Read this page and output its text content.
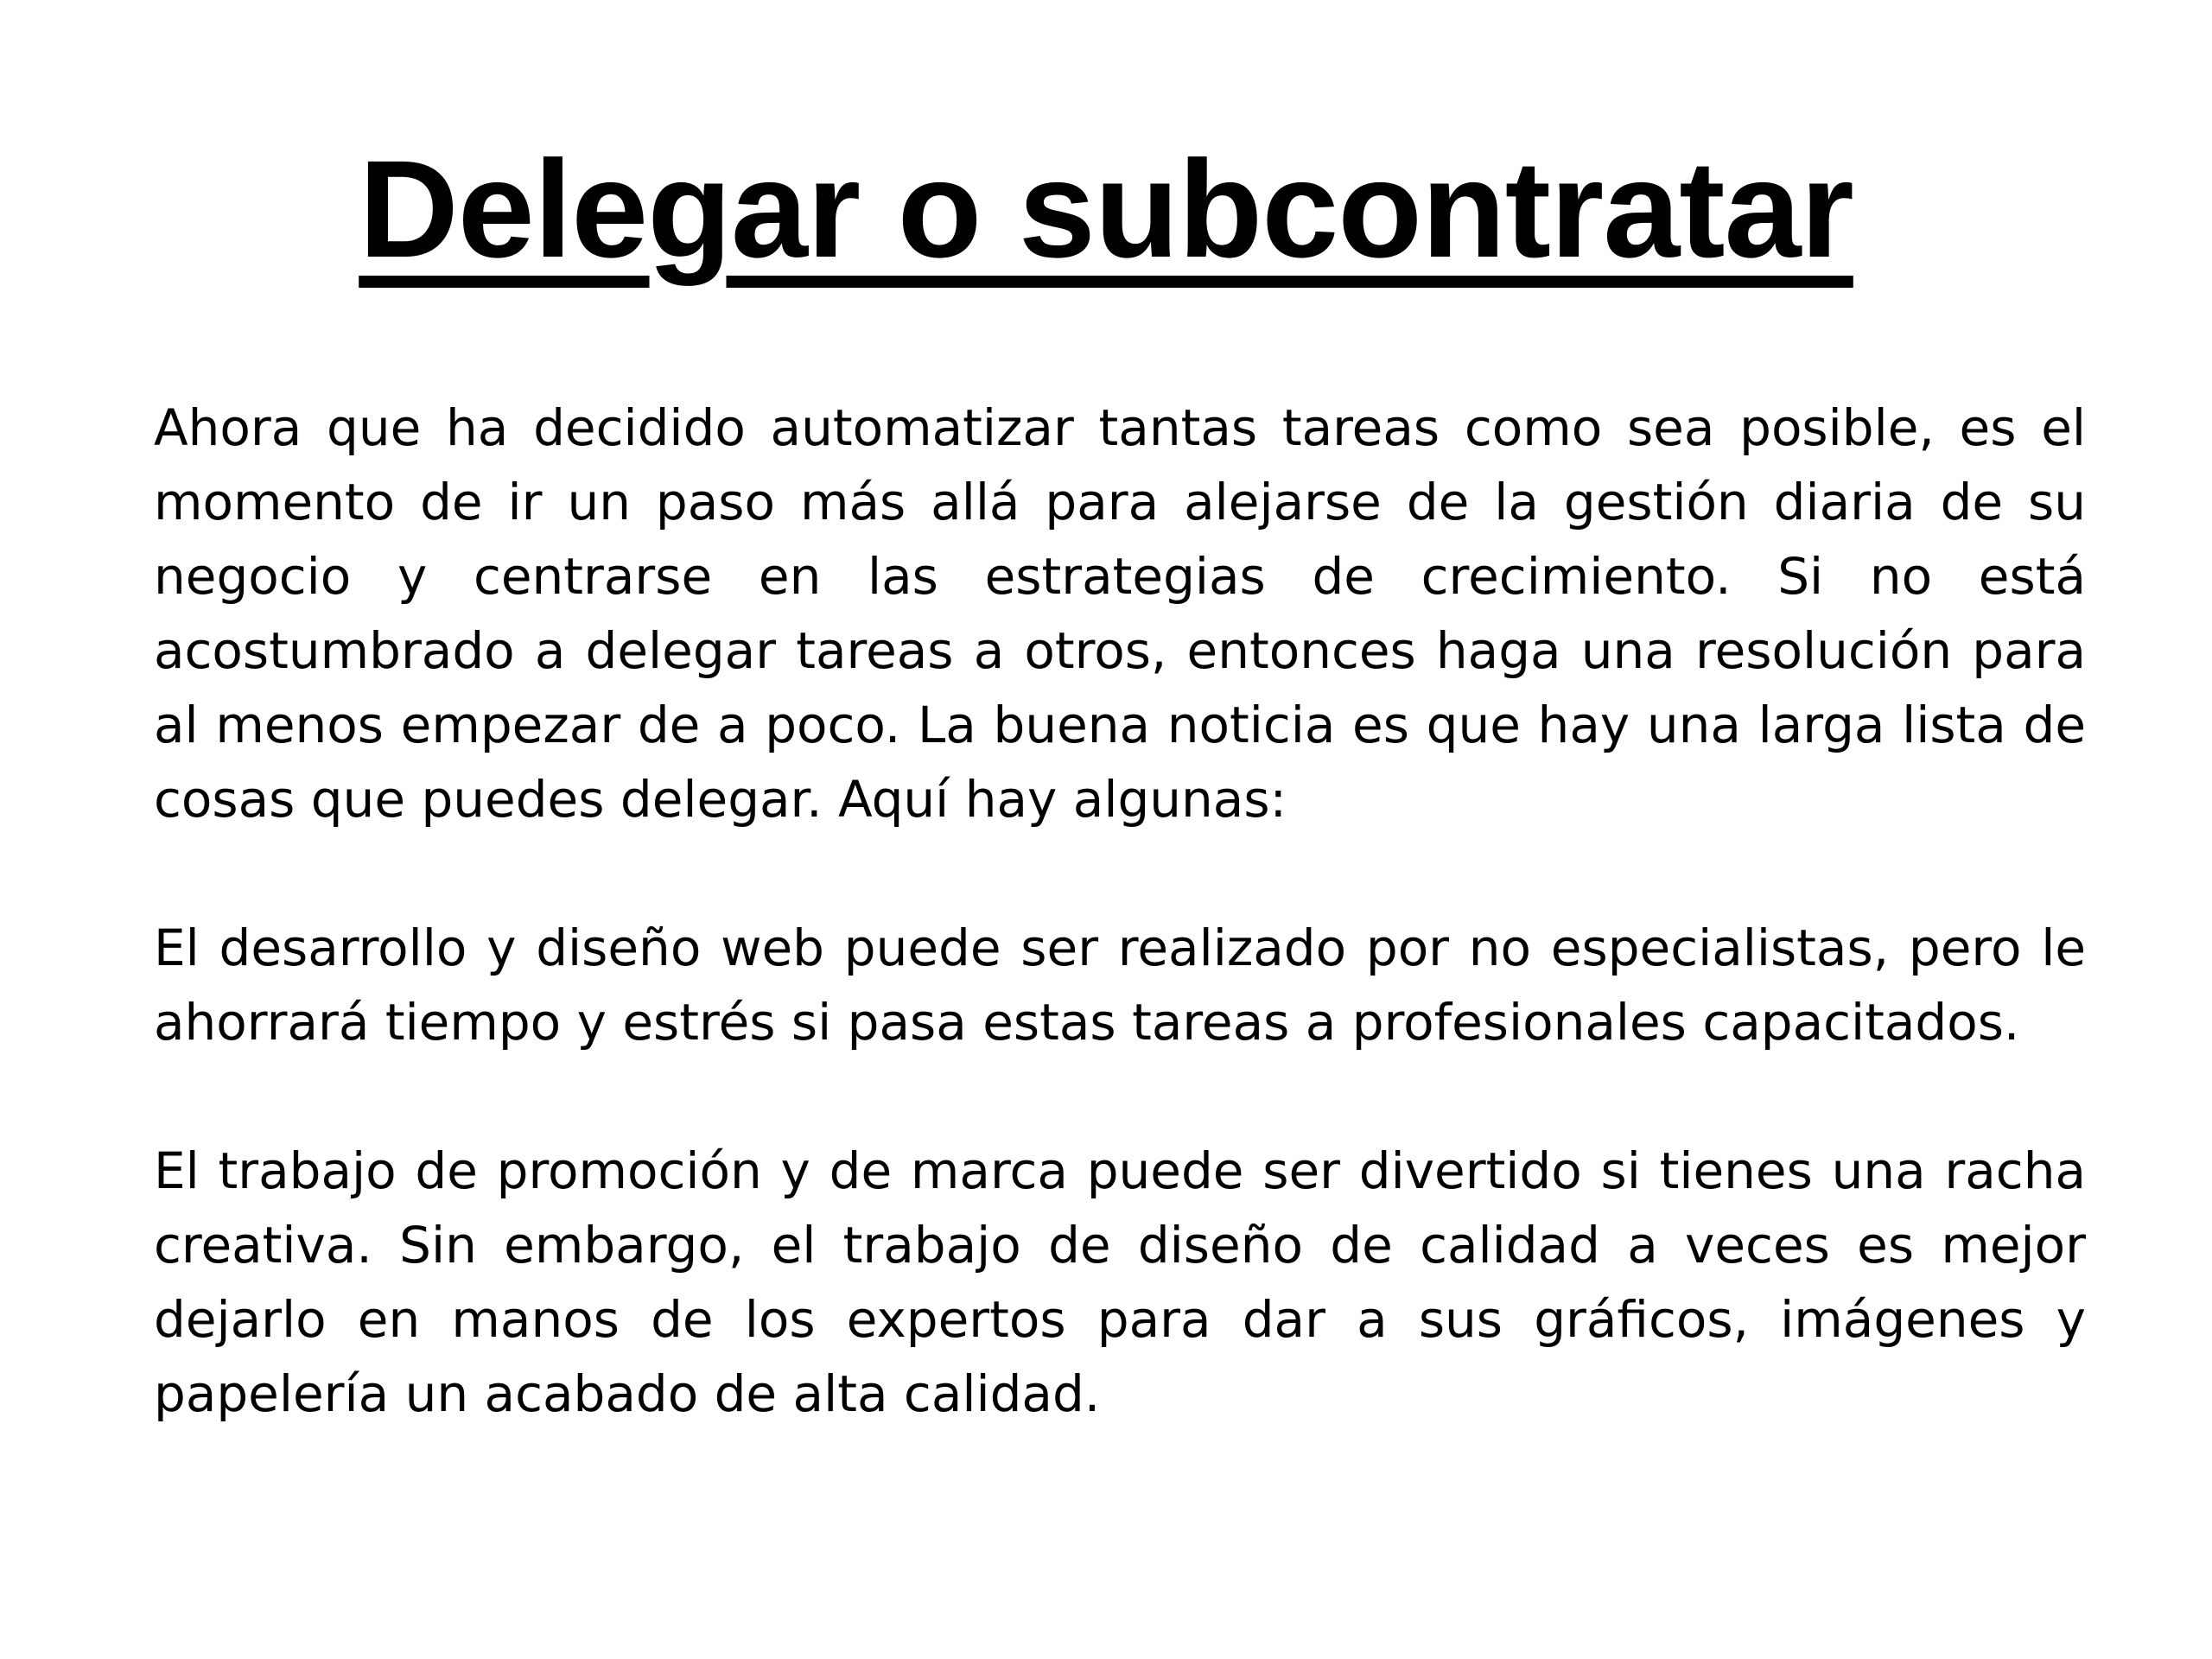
Delegar o subcontratar

Ahora que ha decidido automatizar tantas tareas como sea posible, es el momento de ir un paso más allá para alejarse de la gestión diaria de su negocio y centrarse en las estrategias de crecimiento. Si no está acostumbrado a delegar tareas a otros, entonces haga una resolución para al menos empezar de a poco. La buena noticia es que hay una larga lista de cosas que puedes delegar. Aquí hay algunas:

El desarrollo y diseño web puede ser realizado por no especialistas, pero le ahorrará tiempo y estrés si pasa estas tareas a profesionales capacitados.

El trabajo de promoción y de marca puede ser divertido si tienes una racha creativa. Sin embargo, el trabajo de diseño de calidad a veces es mejor dejarlo en manos de los expertos para dar a sus gráficos, imágenes y papelería un acabado de alta calidad.
